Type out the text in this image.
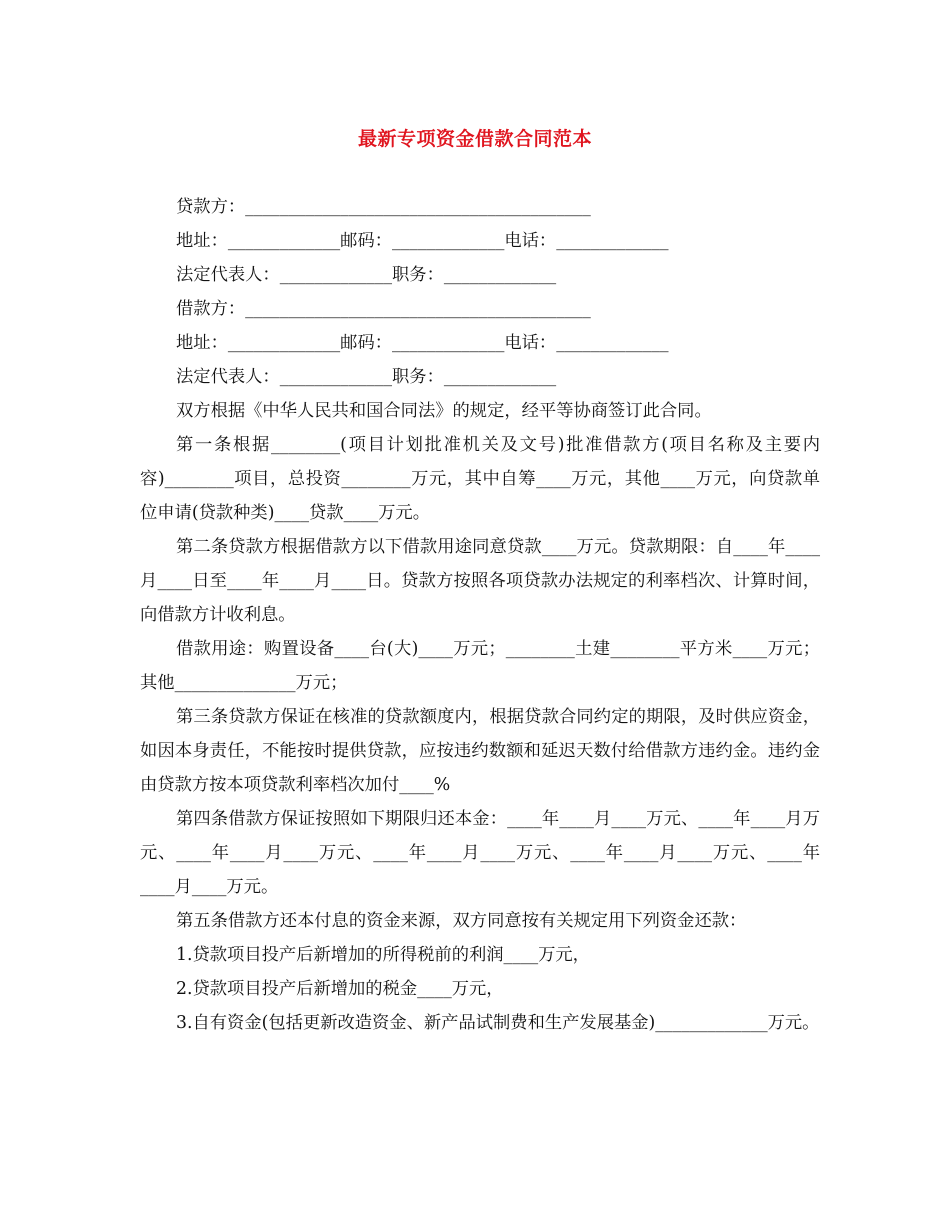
最新专项资金借款合同范本

贷款方：________________________________________

地址：_____________邮码：_____________电话：_____________

法定代表人：_____________职务：_____________

借款方：________________________________________

地址：_____________邮码：_____________电话：_____________

法定代表人：_____________职务：_____________

双方根据《中华人民共和国合同法》的规定，经平等协商签订此合同。

第一条根据________(项目计划批准机关及文号)批准借款方(项目名称及主要内容)________项目，总投资________万元，其中自筹____万元，其他____万元，向贷款单位申请(贷款种类)____贷款____万元。

第二条贷款方根据借款方以下借款用途同意贷款____万元。贷款期限：自____年____月____日至____年____月____日。贷款方按照各项贷款办法规定的利率档次、计算时间，向借款方计收利息。

借款用途：购置设备____台(大)____万元；________土建________平方米____万元；其他______________万元；

第三条贷款方保证在核准的贷款额度内，根据贷款合同约定的期限，及时供应资金，如因本身责任，不能按时提供贷款，应按违约数额和延迟天数付给借款方违约金。违约金由贷款方按本项贷款利率档次加付____%

第四条借款方保证按照如下期限归还本金：____年____月____万元、____年____月万元、____年____月____万元、____年____月____万元、____年____月____万元、____年____月____万元。

第五条借款方还本付息的资金来源，双方同意按有关规定用下列资金还款：

1.贷款项目投产后新增加的所得税前的利润____万元，

2.贷款项目投产后新增加的税金____万元，

3.自有资金(包括更新改造资金、新产品试制费和生产发展基金)_____________万元。
